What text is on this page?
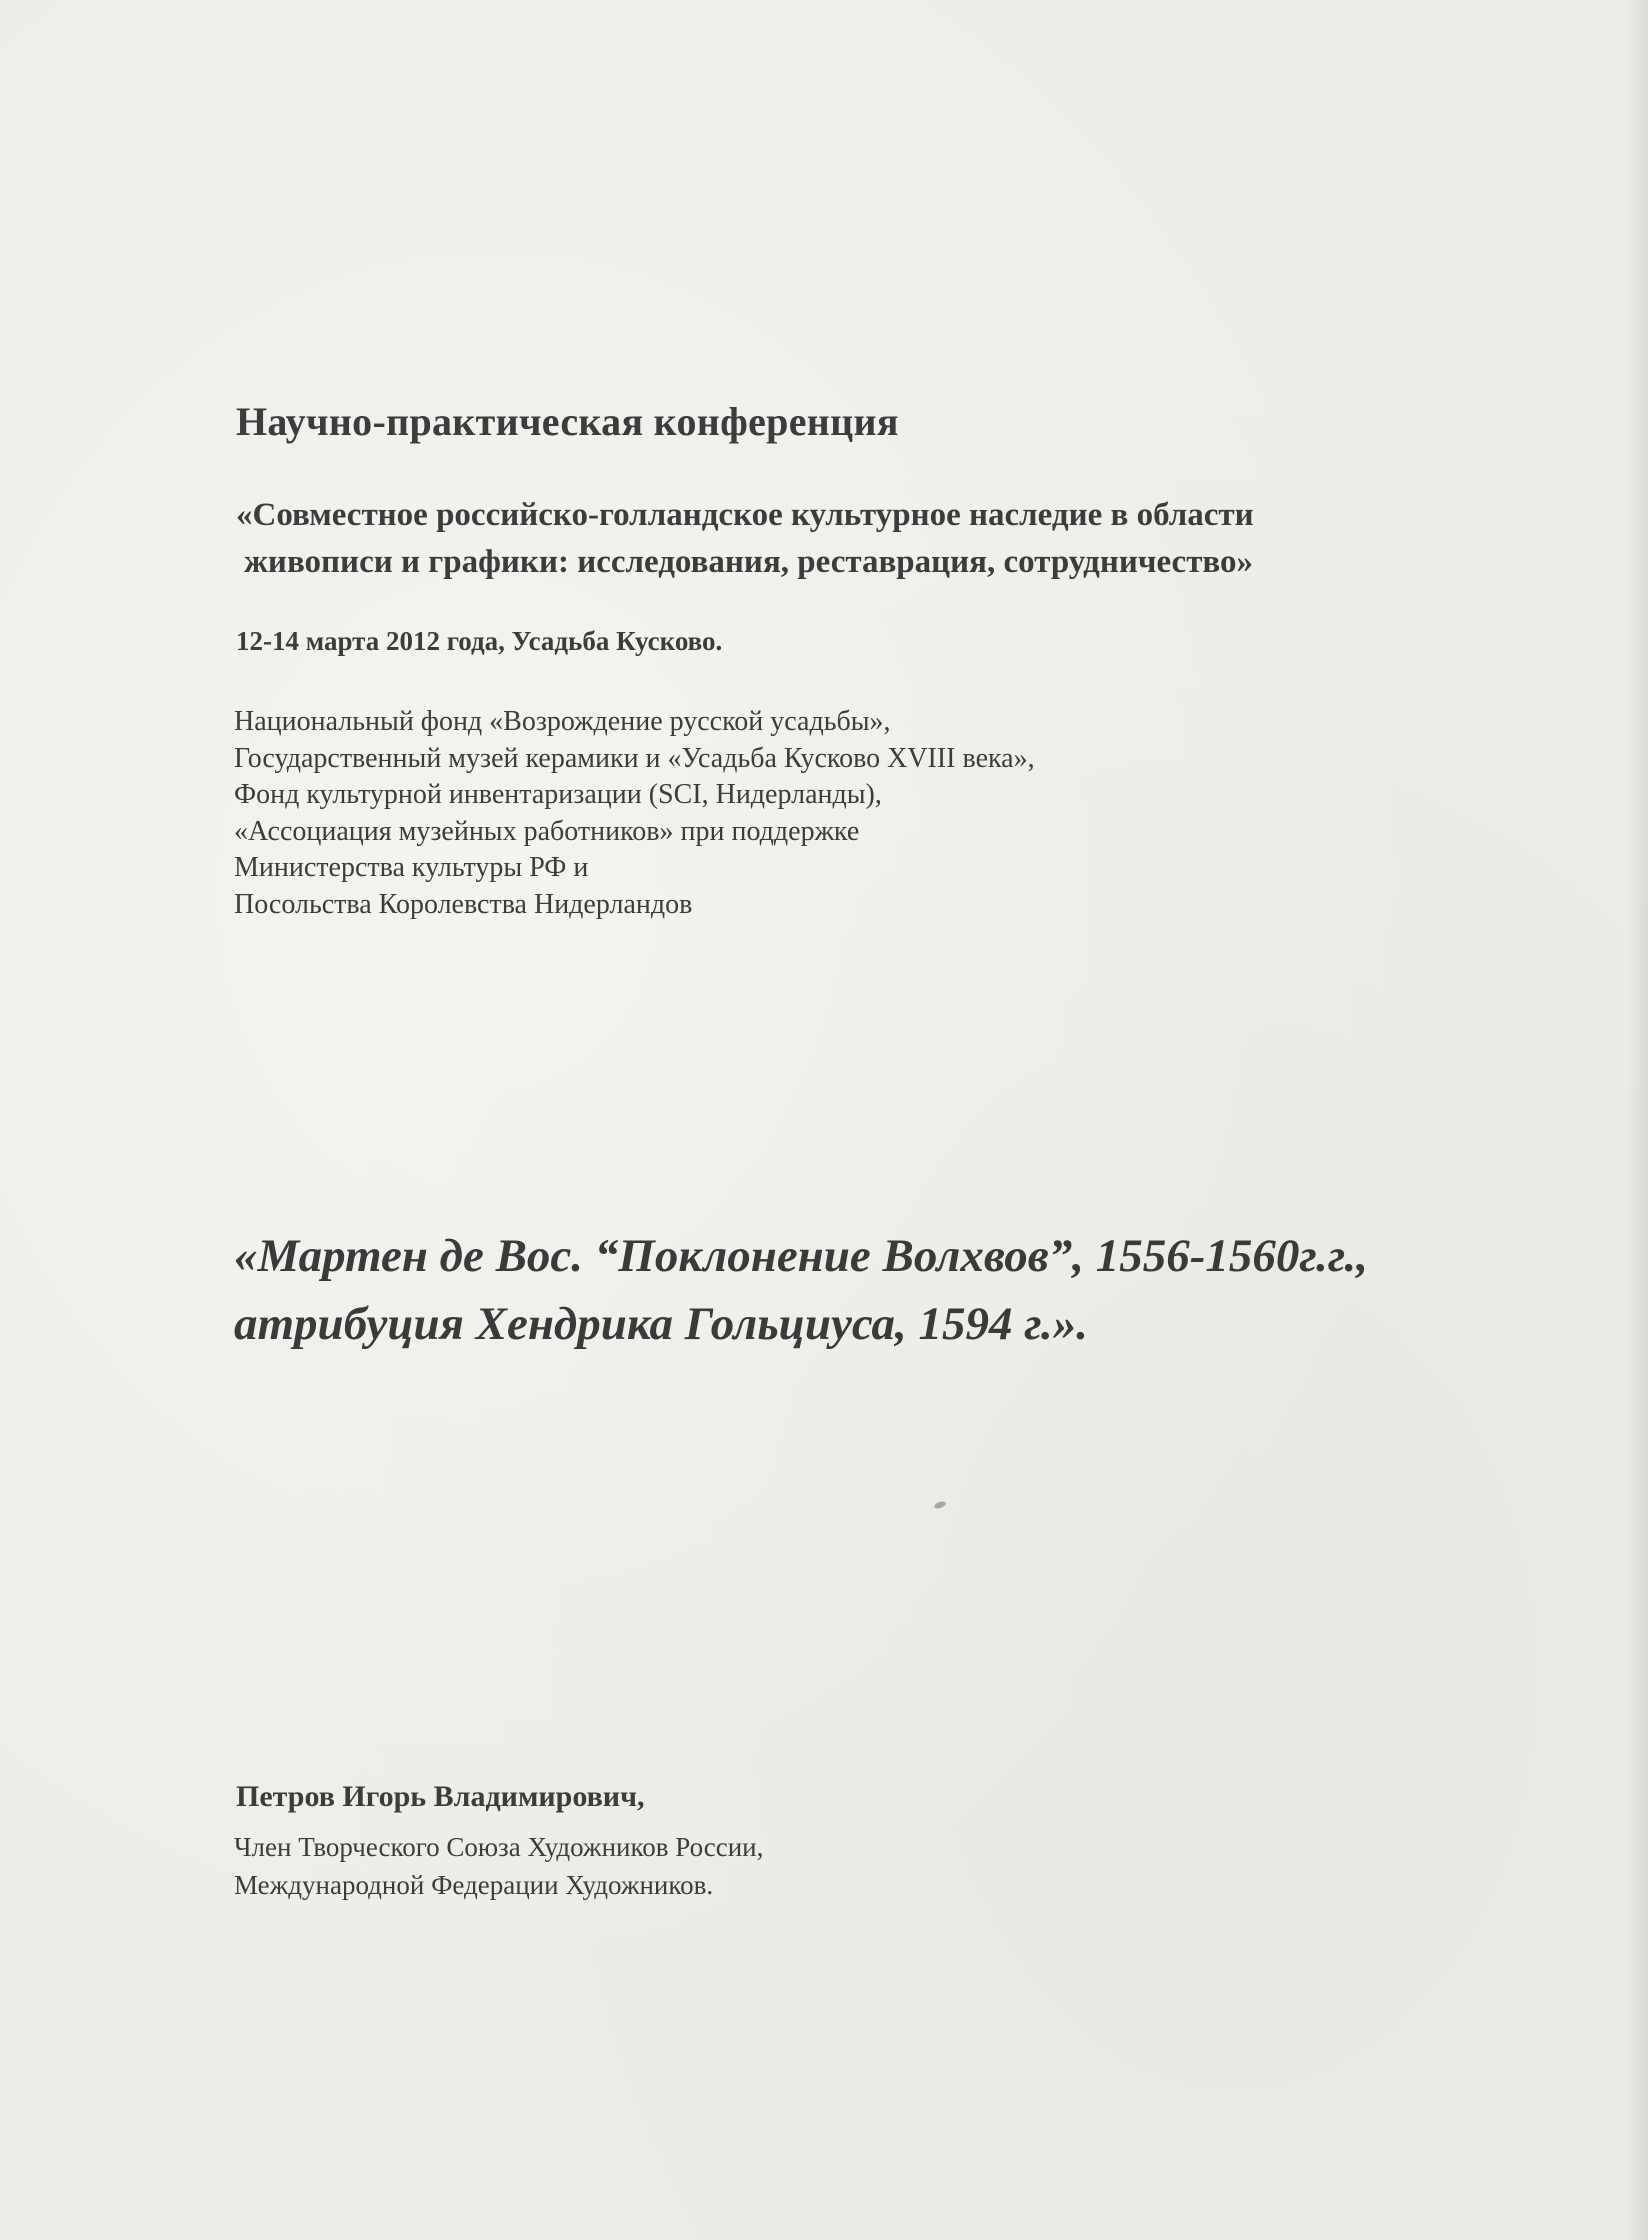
Научно-практическая конференция
«Совместное российско-голландское культурное наследие в области
живописи и графики: исследования, реставрация, сотрудничество»
12-14 марта 2012 года, Усадьба Кусково.
Национальный фонд «Возрождение русской усадьбы»,
Государственный музей керамики и «Усадьба Кусково XVIII века»,
Фонд культурной инвентаризации (SCI, Нидерланды),
«Ассоциация музейных работников» при поддержке
Министерства культуры РФ и
Посольства Королевства Нидерландов
«Мартен де Вос. “Поклонение Волхвов”, 1556-1560г.г.,
атрибуция Хендрика Гольциуса, 1594 г.».
Петров Игорь Владимирович,
Член Творческого Союза Художников России,
Международной Федерации Художников.
